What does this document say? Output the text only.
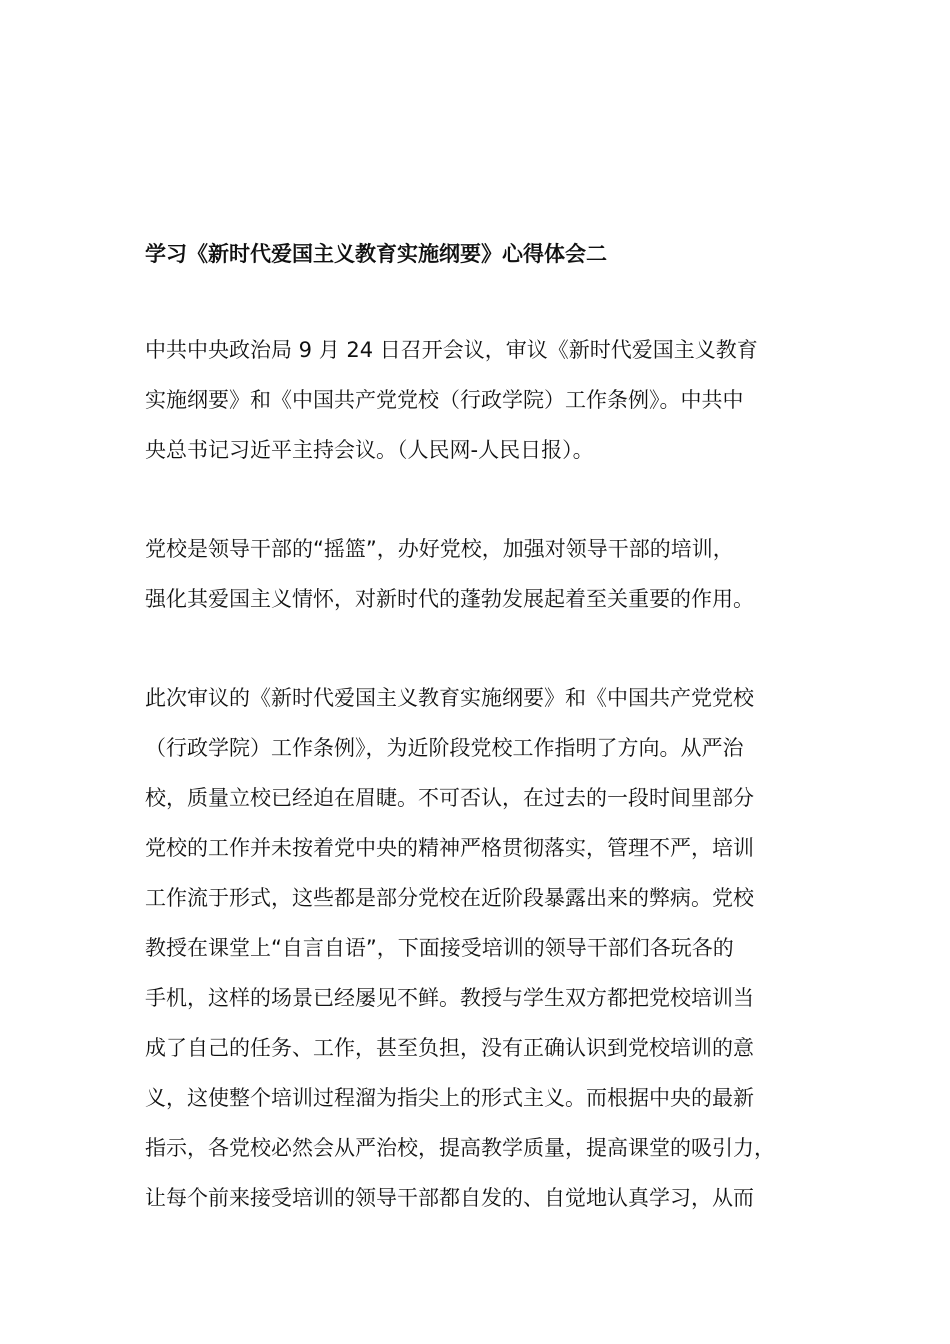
学习《新时代爱国主义教育实施纲要》心得体会二

中共中央政治局 9 月 24 日召开会议，审议《新时代爱国主义教育
实施纲要》和《中国共产党党校（行政学院）工作条例》。中共中
央总书记习近平主持会议。（人民网-人民日报）。

党校是领导干部的“摇篮”，办好党校，加强对领导干部的培训，
强化其爱国主义情怀，对新时代的蓬勃发展起着至关重要的作用。

此次审议的《新时代爱国主义教育实施纲要》和《中国共产党党校
（行政学院）工作条例》，为近阶段党校工作指明了方向。从严治
校，质量立校已经迫在眉睫。不可否认，在过去的一段时间里部分
党校的工作并未按着党中央的精神严格贯彻落实，管理不严，培训
工作流于形式，这些都是部分党校在近阶段暴露出来的弊病。党校
教授在课堂上“自言自语”，下面接受培训的领导干部们各玩各的
手机，这样的场景已经屡见不鲜。教授与学生双方都把党校培训当
成了自己的任务、工作，甚至负担，没有正确认识到党校培训的意
义，这使整个培训过程溜为指尖上的形式主义。而根据中央的最新
指示，各党校必然会从严治校，提高教学质量，提高课堂的吸引力，
让每个前来接受培训的领导干部都自发的、自觉地认真学习，从而
